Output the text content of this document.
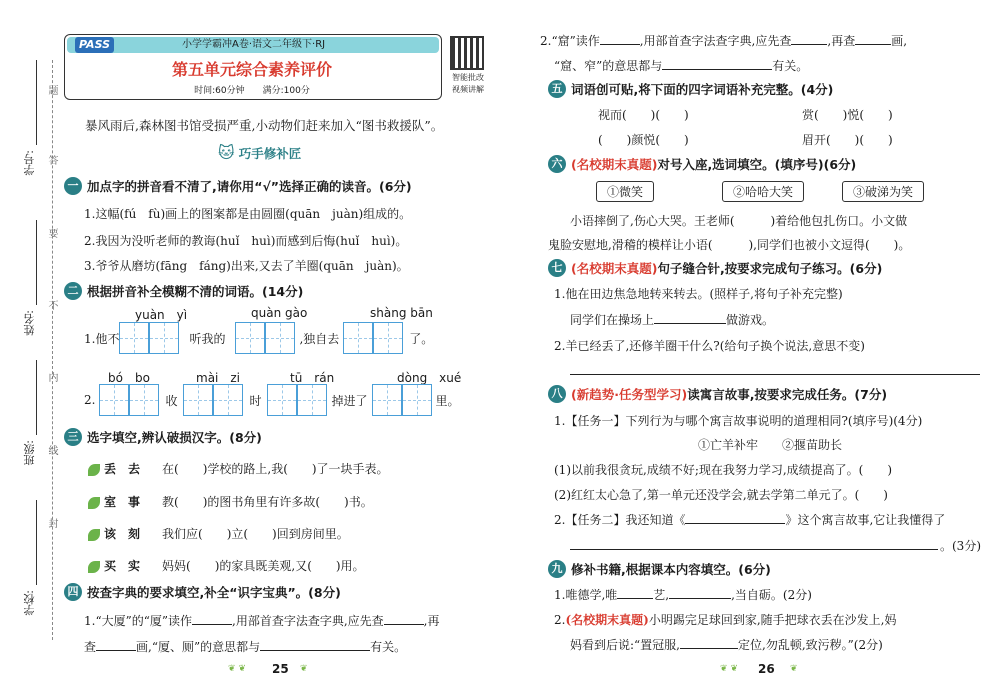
学号:
姓名:
班级:
学校:
题
答
要
不
内
线
封
PASS	小学学霸冲A卷·语文二年级下·RJ
第五单元综合素养评价
时间:60分钟　　满分:100分
智能批改
视频讲解
暴风雨后,森林图书馆受损严重,小动物们赶来加入“图书救援队”。
🐱 巧手修补匠
一 加点字的拼音看不清了,请你用“√”选择正确的读音。(6分)
1.这幅(fú　fù)画上的图案都是由圆圈(quān　juàn)组成的。
2.我因为没听老师的教诲(huǐ　huì)而感到后悔(huǐ　huì)。
3.爷爷从磨坊(fāng　fáng)出来,又去了羊圈(quān　juàn)。
二 根据拼音补全模糊不清的词语。(14分)
yuàn　yì	quàn gào	shàng bān
1.他不	听我的	,独自去	了。
bó　bo	mài　zi	tū　rán	dòng　xué
2.	收	时	掉进了	里。
三 选字填空,辨认破损汉字。(8分)
丢　去 在(　　)学校的路上,我(　　)了一块手表。
室　事 教(　　)的图书角里有许多故(　　)书。
该　刻 我们应(　　)立(　　)回到房间里。
买　实 妈妈(　　)的家具既美观,又(　　)用。
四 按查字典的要求填空,补全“识字宝典”。(8分)
1.“大厦”的“厦”读作	,用部首查字法查字典,应先查	,再
查	画,“厦、厕”的意思都与	有关。
❦ ❦ 25 ❦
2.“窟”读作	,用部首查字法查字典,应先查	,再查	画,
“窟、窄”的意思都与	有关。
五 词语创可贴,将下面的四字词语补充完整。(4分)
视而(　　)(　　)	赏(　　)悦(　　)
(　　)颜悦(　　)	眉开(　　)(　　)
六 (名校期末真题) 对号入座,选词填空。(填序号)(6分)
①微笑	②哈哈大笑	③破涕为笑
小语摔倒了,伤心大哭。王老师(　　　)着给他包扎伤口。小文做
鬼脸安慰地,滑稽的模样让小语(　　　),同学们也被小文逗得(　　)。
七 (名校期末真题) 句子缝合针,按要求完成句子练习。(6分)
1.他在田边焦急地转来转去。(照样子,将句子补充完整)
同学们在操场上	做游戏。
2.羊已经丢了,还修羊圈干什么?(给句子换个说法,意思不变)
八 (新趋势·任务型学习) 读寓言故事,按要求完成任务。(7分)
1.【任务一】下列行为与哪个寓言故事说明的道理相同?(填序号)(4分)
①亡羊补牢　　②揠苗助长
(1)以前我很贪玩,成绩不好;现在我努力学习,成绩提高了。(　　)
(2)红红太心急了,第一单元还没学会,就去学第二单元了。(　　)
2.【任务二】我还知道《	》这个寓言故事,它让我懂得了
。(3分)
九 修补书籍,根据课本内容填空。(6分)
1.唯德学,唯	艺,	,当自砺。(2分)
2.(名校期末真题)小明踢完足球回到家,随手把球衣丢在沙发上,妈
妈看到后说:“置冠服,	定位,勿乱顿,致污秽。”(2分)
❦ ❦ 26 ❦
